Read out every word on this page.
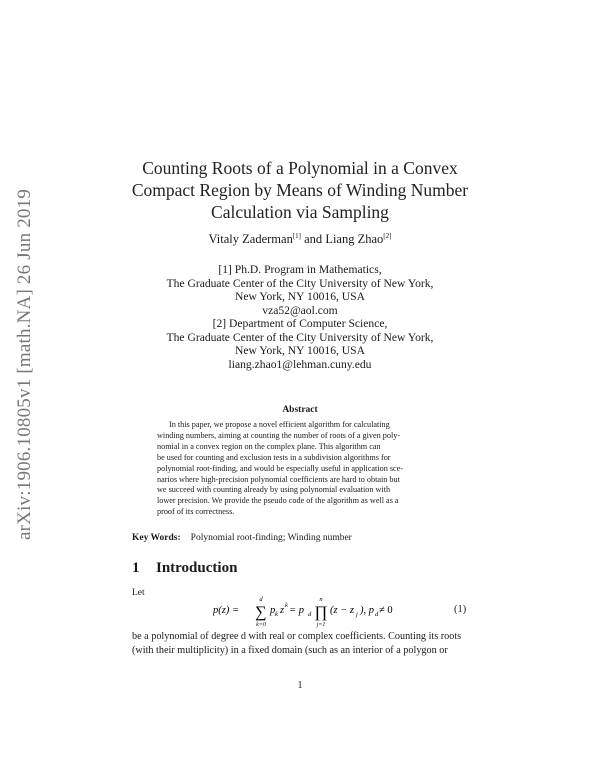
arXiv:1906.10805v1 [math.NA] 26 Jun 2019
Counting Roots of a Polynomial in a Convex
Compact Region by Means of Winding Number
Calculation via Sampling
Vitaly Zaderman[1] and Liang Zhao[2]
[1] Ph.D. Program in Mathematics,
The Graduate Center of the City University of New York,
New York, NY 10016, USA
vza52@aol.com
[2] Department of Computer Science,
The Graduate Center of the City University of New York,
New York, NY 10016, USA
liang.zhao1@lehman.cuny.edu
Abstract
In this paper, we propose a novel efficient algorithm for calculating
winding numbers, aiming at counting the number of roots of a given poly-
nomial in a convex region on the complex plane. This algorithm can
be used for counting and exclusion tests in a subdivision algorithms for
polynomial root-finding, and would be especially useful in application sce-
narios where high-precision polynomial coefficients are hard to obtain but
we succeed with counting already by using polynomial evaluation with
lower precision. We provide the pseudo code of the algorithm as well as a
proof of its correctness.
Key Words: Polynomial root-finding; Winding number
1 Introduction
Let
p(z) =
d
∑
k=0
p k z k = p d
n
∏
j=1
(z − z j ), p d ≠ 0	(1)
be a polynomial of degree d with real or complex coefficients. Counting its roots
(with their multiplicity) in a fixed domain (such as an interior of a polygon or
1
